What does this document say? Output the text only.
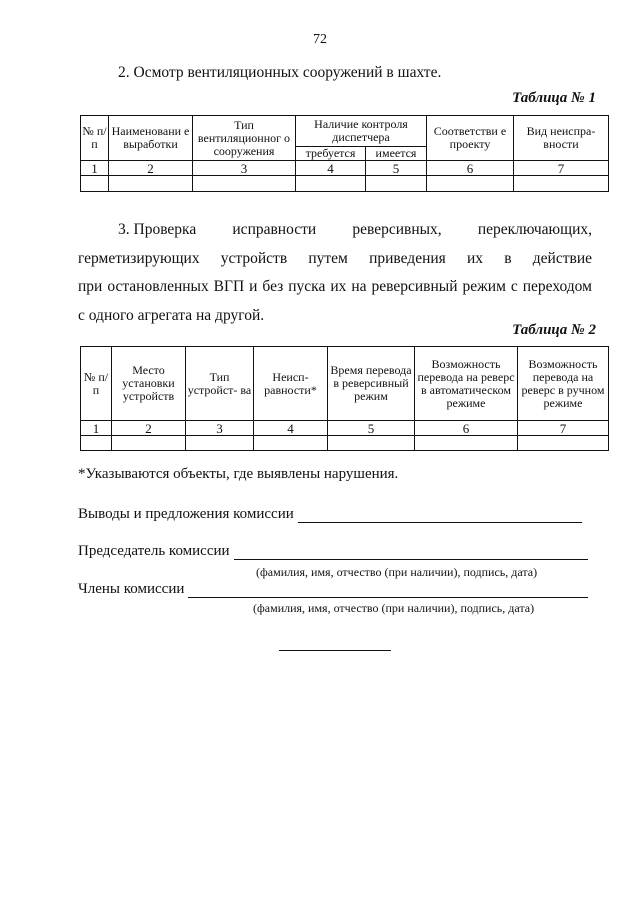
72
2. Осмотр вентиляционных сооружений в шахте.
Таблица № 1
№ п/ п	Наименовани е выработки	Тип вентиляционног о сооружения	Наличие контроля диспетчера		Соответстви е проекту	Вид неиспра- вности
			требуется	имеется		
1	2	3	4	5	6	7

3. Проверка исправности реверсивных, переключающих,
герметизирующих устройств путем приведения их в действие
при остановленных ВГП и без пуска их на реверсивный режим с переходом
с одного агрегата на другой.
Таблица № 2
№ п/п	Место установки устройств	Тип устройст- ва	Неисп- равности*	Время перевода в реверсивный режим	Возможность перевода на реверс в автоматическом режиме	Возможность перевода на реверс в ручном режиме
1	2	3	4	5	6	7

*Указываются объекты, где выявлены нарушения.
Выводы и предложения комиссии
Председатель комиссии
(фамилия, имя, отчество (при наличии), подпись, дата)
Члены комиссии
(фамилия, имя, отчество (при наличии), подпись, дата)
